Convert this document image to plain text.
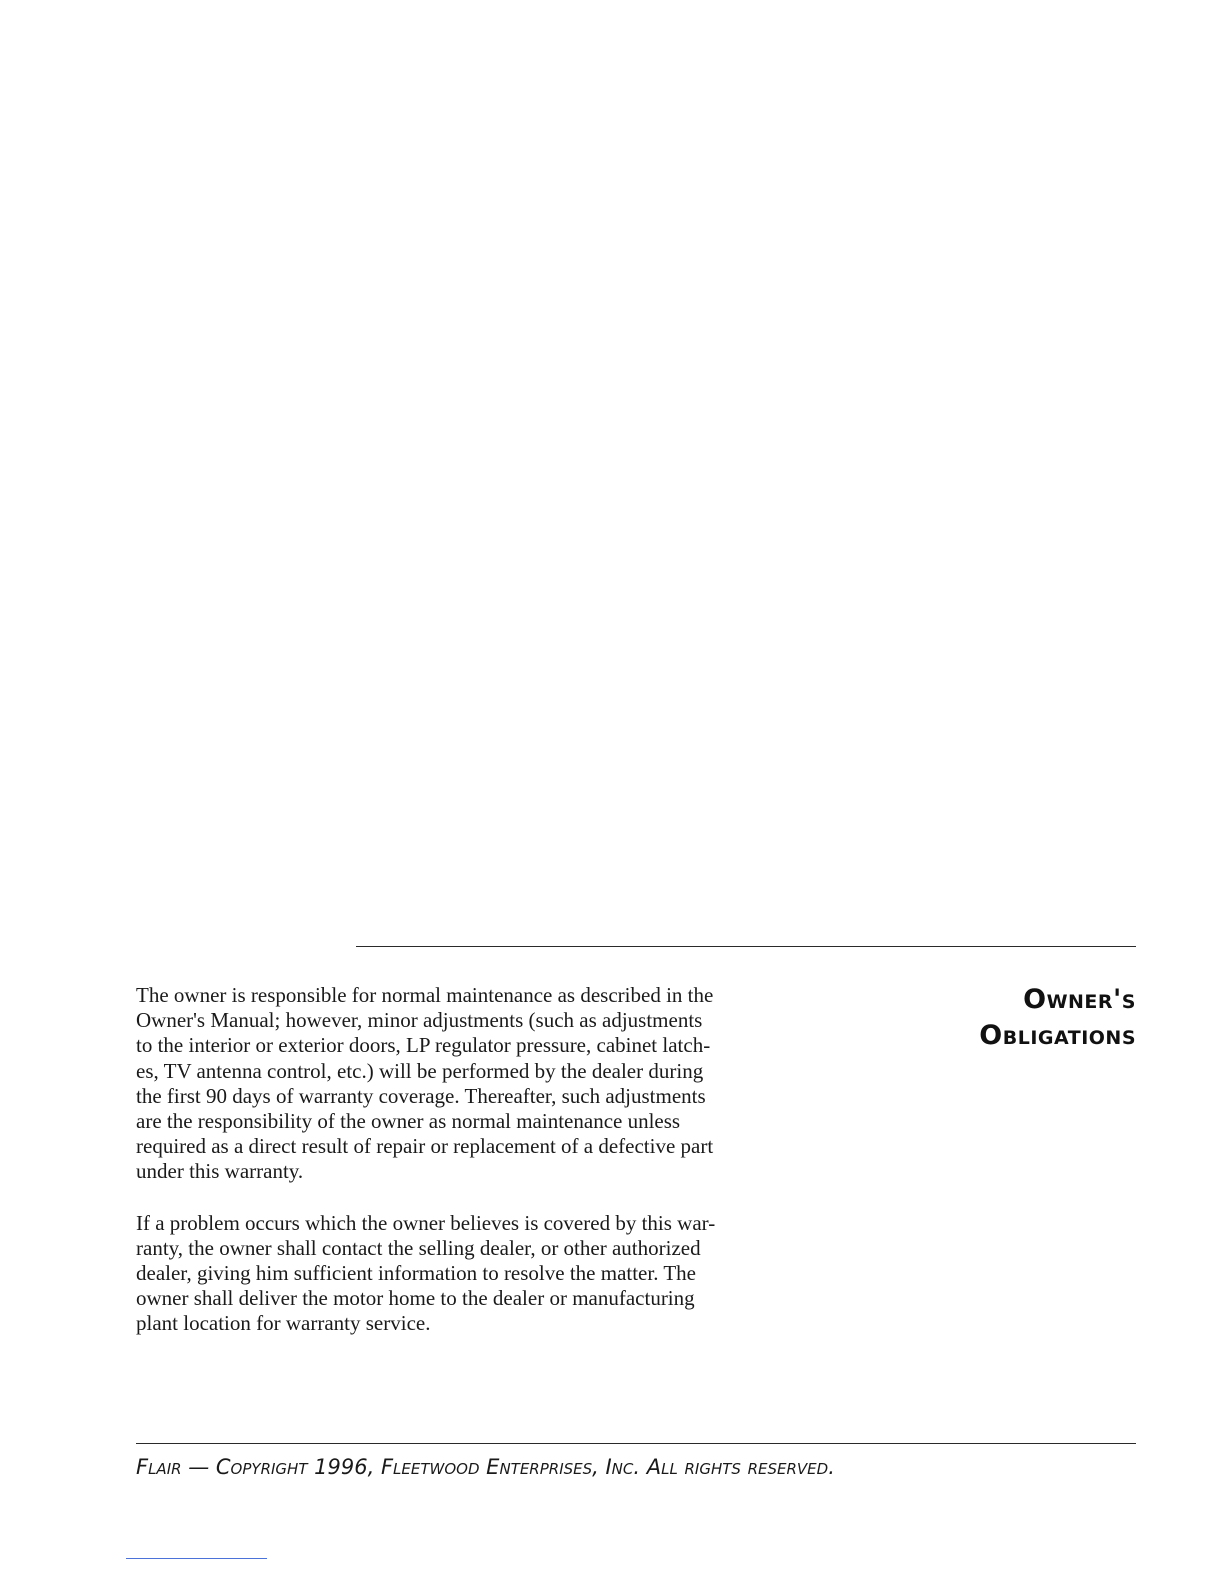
Owner's
Obligations

The owner is responsible for normal maintenance as described in the
Owner's Manual; however, minor adjustments (such as adjustments
to the interior or exterior doors, LP regulator pressure, cabinet latch-
es, TV antenna control, etc.) will be performed by the dealer during
the first 90 days of warranty coverage. Thereafter, such adjustments
are the responsibility of the owner as normal maintenance unless
required as a direct result of repair or replacement of a defective part
under this warranty.

If a problem occurs which the owner believes is covered by this war-
ranty, the owner shall contact the selling dealer, or other authorized
dealer, giving him sufficient information to resolve the matter. The
owner shall deliver the motor home to the dealer or manufacturing
plant location for warranty service.

Flair — Copyright 1996, Fleetwood Enterprises, Inc. All rights reserved.
